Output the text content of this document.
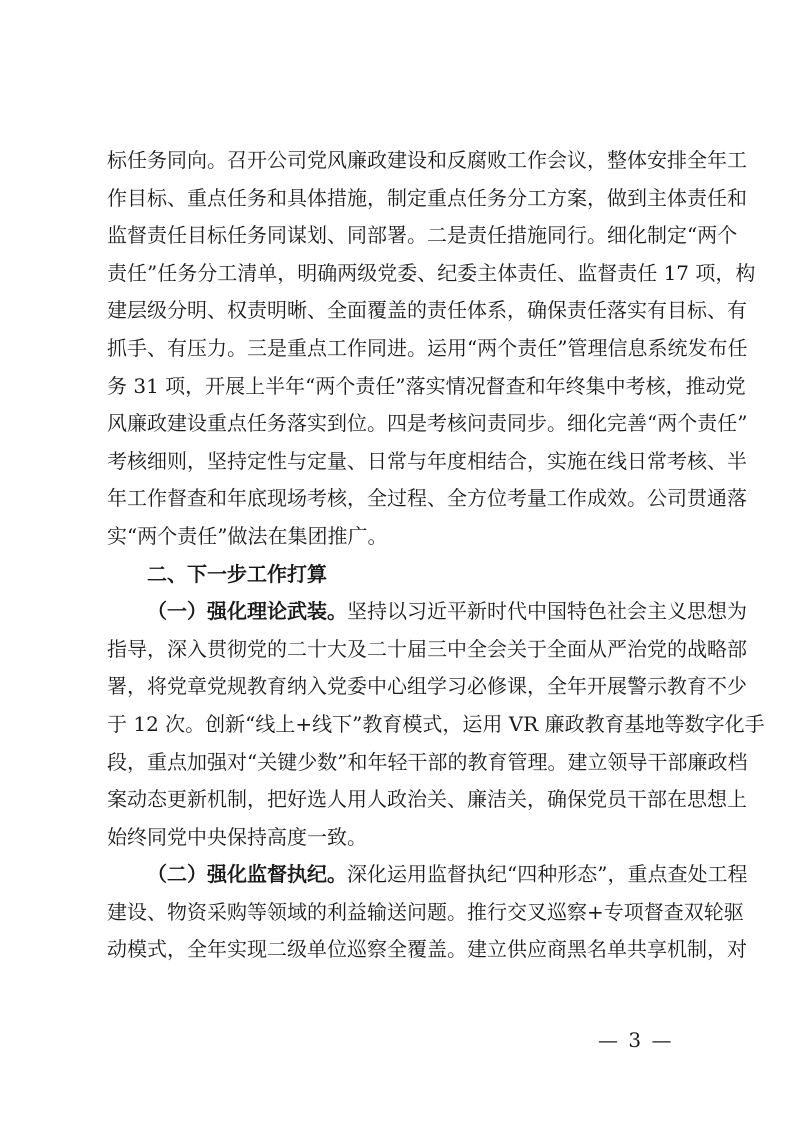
标任务同向。召开公司党风廉政建设和反腐败工作会议，整体安排全年工
作目标、重点任务和具体措施，制定重点任务分工方案，做到主体责任和
监督责任目标任务同谋划、同部署。二是责任措施同行。细化制定“两个
责任”任务分工清单，明确两级党委、纪委主体责任、监督责任 17 项，构
建层级分明、权责明晰、全面覆盖的责任体系，确保责任落实有目标、有
抓手、有压力。三是重点工作同进。运用“两个责任”管理信息系统发布任
务 31 项，开展上半年“两个责任”落实情况督查和年终集中考核，推动党
风廉政建设重点任务落实到位。四是考核问责同步。细化完善“两个责任”
考核细则，坚持定性与定量、日常与年度相结合，实施在线日常考核、半
年工作督查和年底现场考核，全过程、全方位考量工作成效。公司贯通落
实“两个责任”做法在集团推广。
二、下一步工作打算
（一）强化理论武装。坚持以习近平新时代中国特色社会主义思想为
指导，深入贯彻党的二十大及二十届三中全会关于全面从严治党的战略部
署，将党章党规教育纳入党委中心组学习必修课，全年开展警示教育不少
于 12 次。创新“线上+线下”教育模式，运用 VR 廉政教育基地等数字化手
段，重点加强对“关键少数”和年轻干部的教育管理。建立领导干部廉政档
案动态更新机制，把好选人用人政治关、廉洁关，确保党员干部在思想上
始终同党中央保持高度一致。
（二）强化监督执纪。深化运用监督执纪“四种形态”，重点查处工程
建设、物资采购等领域的利益输送问题。推行交叉巡察+专项督查双轮驱
动模式，全年实现二级单位巡察全覆盖。建立供应商黑名单共享机制，对
— 3 —
